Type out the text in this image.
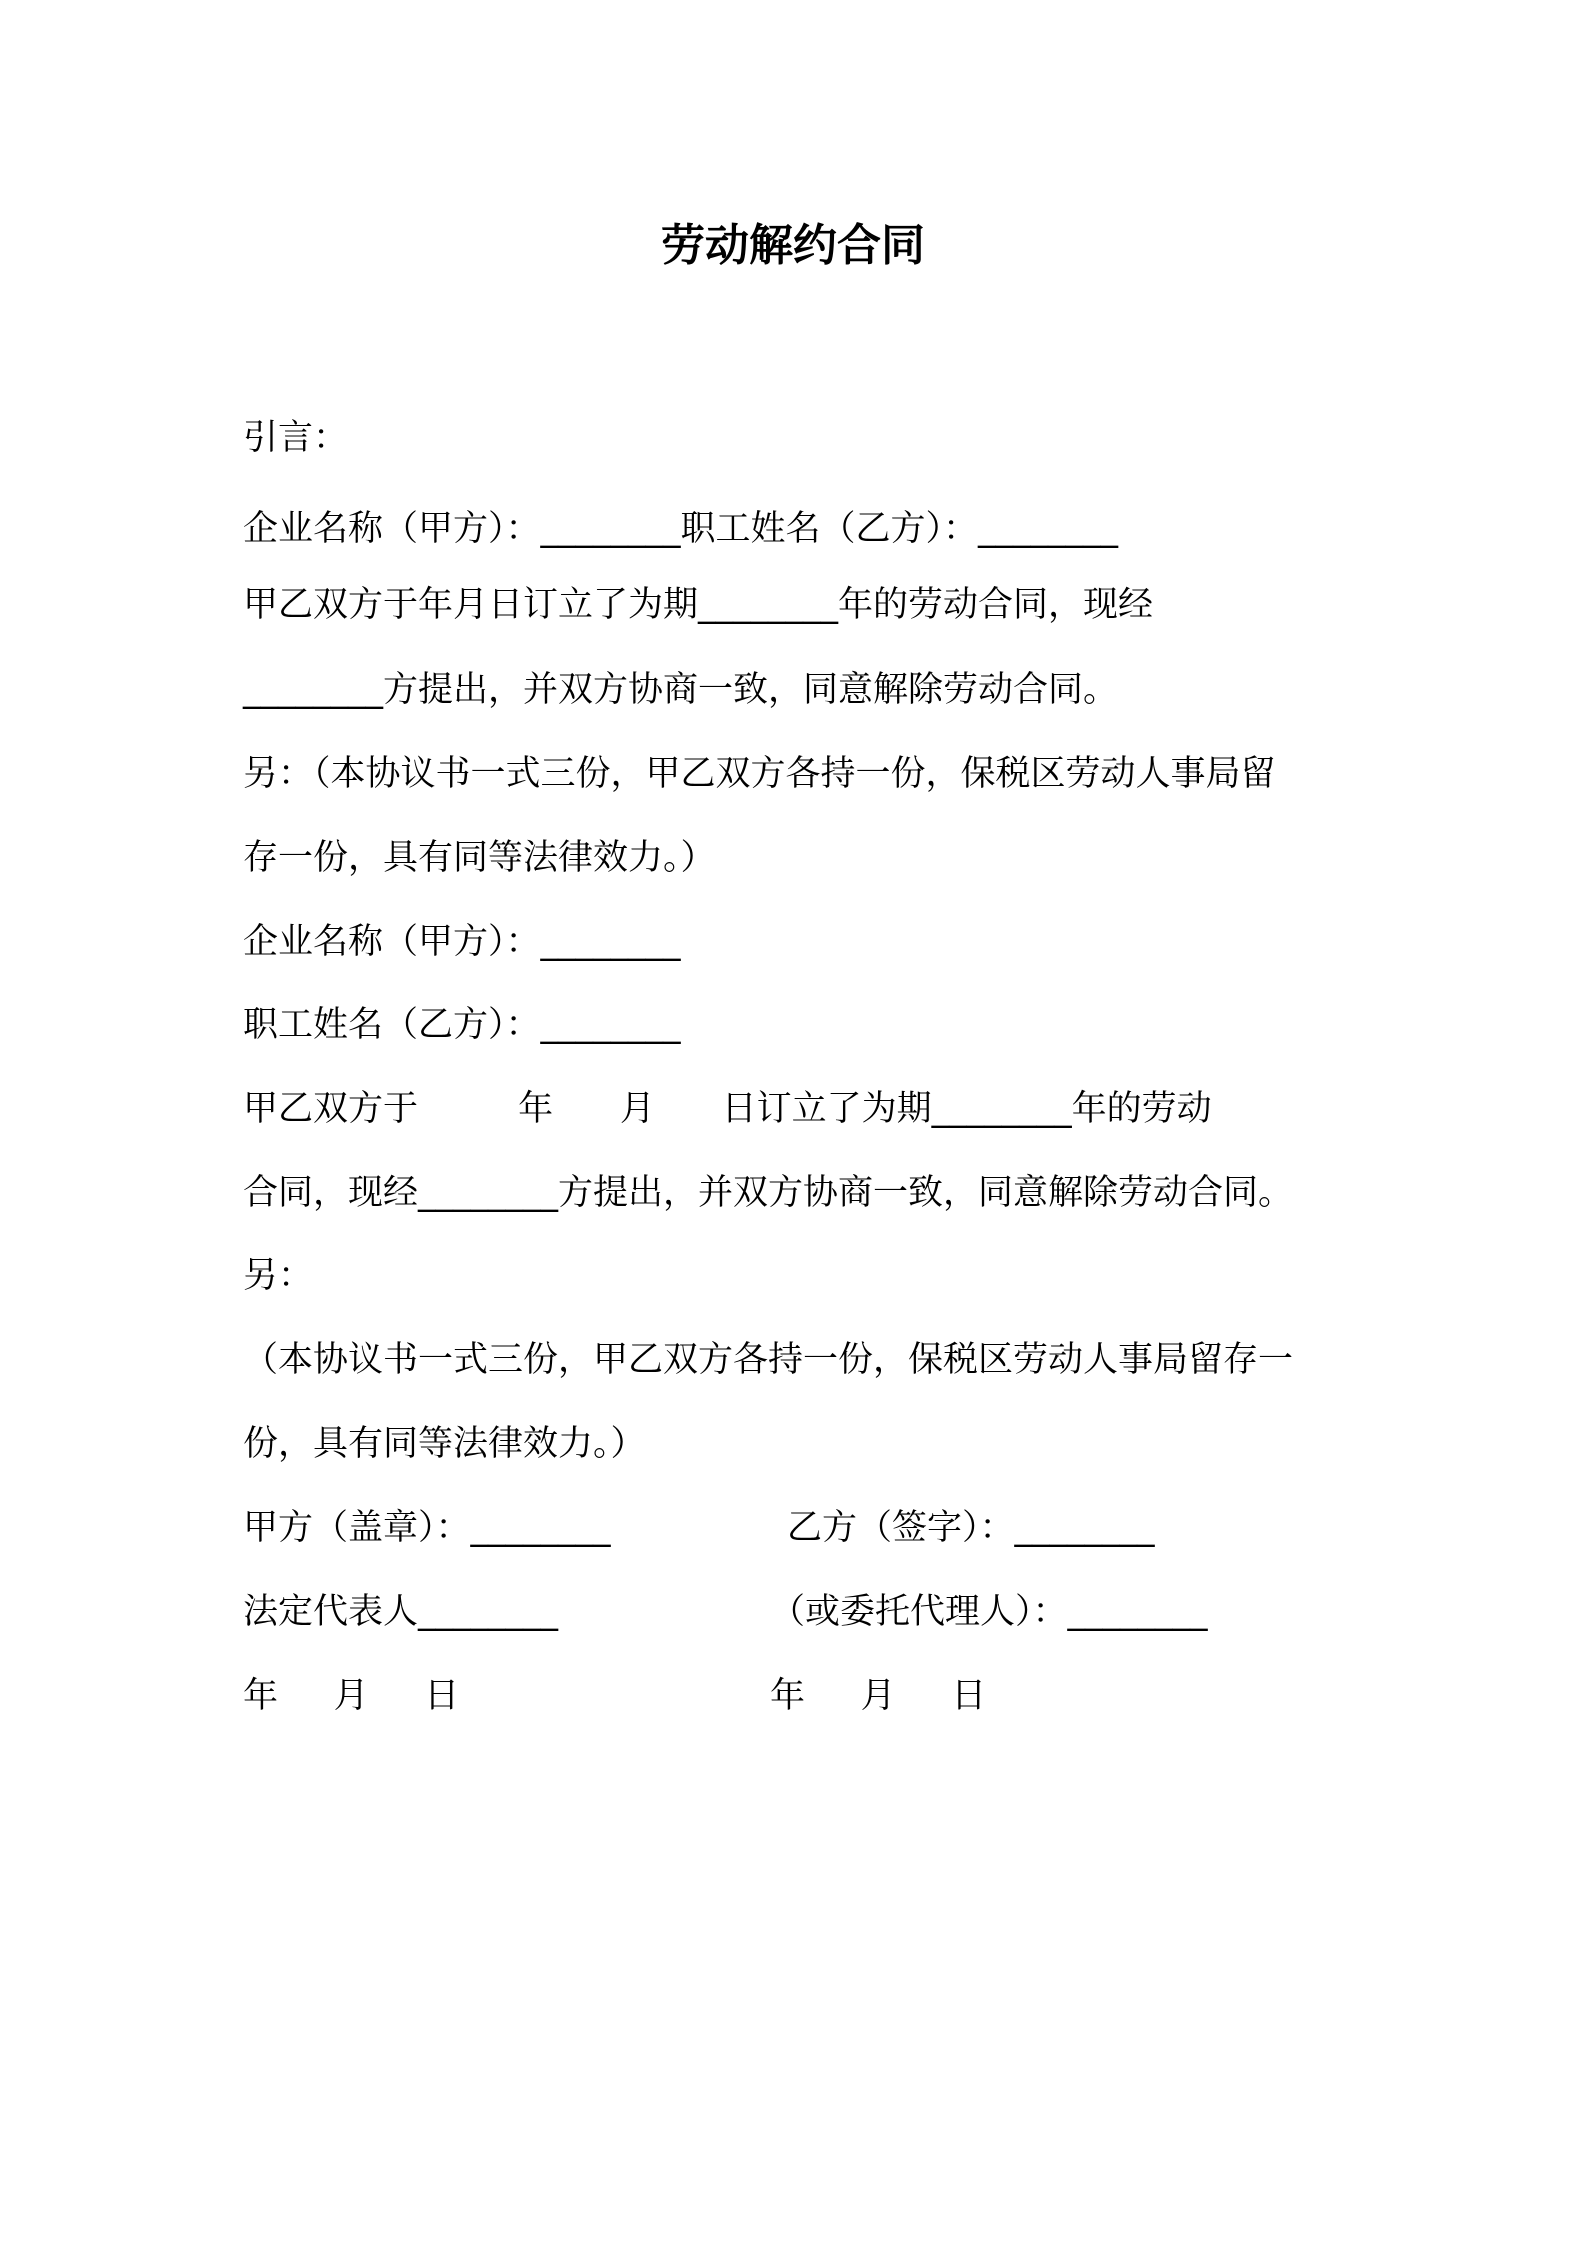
劳动解约合同
引言：
企业名称（甲方）：________职工姓名（乙方）：________
甲乙双方于年月日订立了为期________年的劳动合同，现经
________方提出，并双方协商一致，同意解除劳动合同。
另：（本协议书一式三份，甲乙双方各持一份，保税区劳动人事局留
存一份，具有同等法律效力。）
企业名称（甲方）：________
职工姓名（乙方）：________
甲乙双方于         年      月      日订立了为期________年的劳动
合同，现经________方提出，并双方协商一致，同意解除劳动合同。
另：
（本协议书一式三份，甲乙双方各持一份，保税区劳动人事局留存一
份，具有同等法律效力。）
甲方（盖章）：________	乙方（签字）：________
法定代表人________	（或委托代理人）：________
年     月     日	年     月     日
